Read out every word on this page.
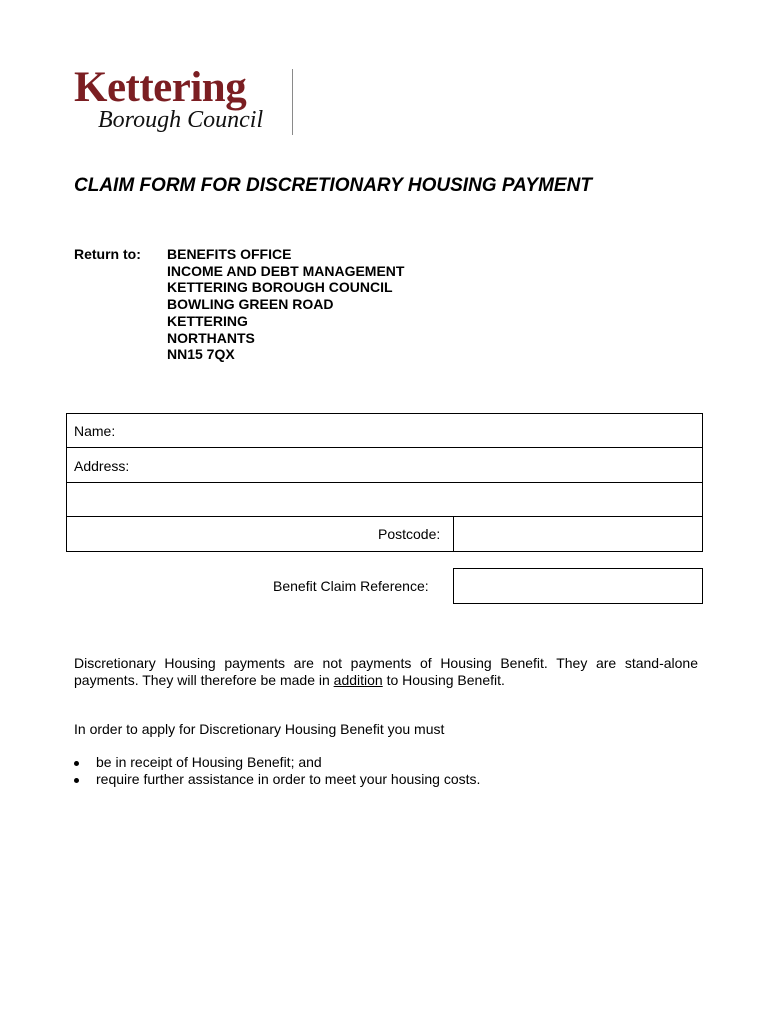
Kettering
Borough Council
CLAIM FORM FOR DISCRETIONARY HOUSING PAYMENT
Return to: BENEFITS OFFICE
INCOME AND DEBT MANAGEMENT
KETTERING BOROUGH COUNCIL
BOWLING GREEN ROAD
KETTERING
NORTHANTS
NN15 7QX
Name:
Address:
Postcode:
Benefit Claim Reference:
Discretionary Housing payments are not payments of Housing Benefit. They are stand-alone payments. They will therefore be made in addition to Housing Benefit.
In order to apply for Discretionary Housing Benefit you must
be in receipt of Housing Benefit; and
require further assistance in order to meet your housing costs.
